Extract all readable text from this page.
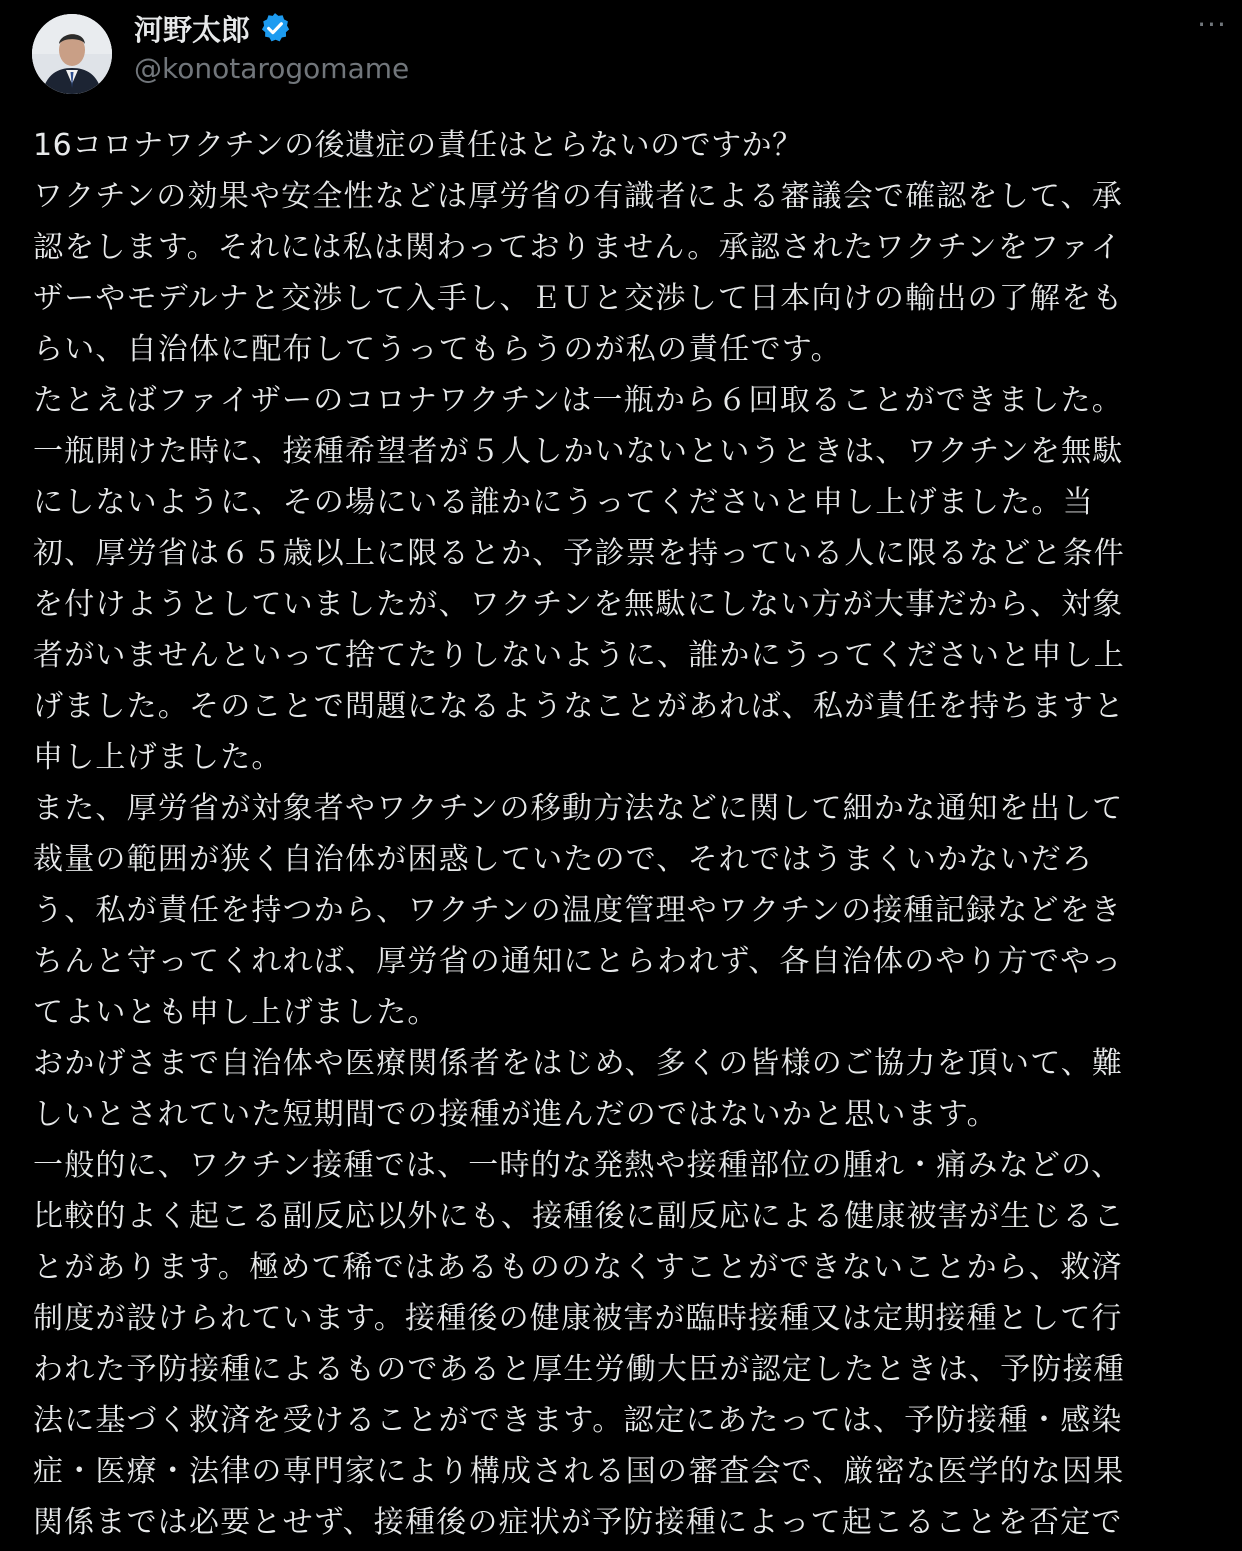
河野太郎
@konotarogomame
···
16コロナワクチンの後遺症の責任はとらないのですか？
ワクチンの効果や安全性などは厚労省の有識者による審議会で確認をして、承
認をします。それには私は関わっておりません。承認されたワクチンをファイ
ザーやモデルナと交渉して入手し、ＥＵと交渉して日本向けの輸出の了解をも
らい、自治体に配布してうってもらうのが私の責任です。
たとえばファイザーのコロナワクチンは一瓶から６回取ることができました。
一瓶開けた時に、接種希望者が５人しかいないというときは、ワクチンを無駄
にしないように、その場にいる誰かにうってくださいと申し上げました。当
初、厚労省は６５歳以上に限るとか、予診票を持っている人に限るなどと条件
を付けようとしていましたが、ワクチンを無駄にしない方が大事だから、対象
者がいませんといって捨てたりしないように、誰かにうってくださいと申し上
げました。そのことで問題になるようなことがあれば、私が責任を持ちますと
申し上げました。
また、厚労省が対象者やワクチンの移動方法などに関して細かな通知を出して
裁量の範囲が狭く自治体が困惑していたので、それではうまくいかないだろ
う、私が責任を持つから、ワクチンの温度管理やワクチンの接種記録などをき
ちんと守ってくれれば、厚労省の通知にとらわれず、各自治体のやり方でやっ
てよいとも申し上げました。
おかげさまで自治体や医療関係者をはじめ、多くの皆様のご協力を頂いて、難
しいとされていた短期間での接種が進んだのではないかと思います。
一般的に、ワクチン接種では、一時的な発熱や接種部位の腫れ・痛みなどの、
比較的よく起こる副反応以外にも、接種後に副反応による健康被害が生じるこ
とがあります。極めて稀ではあるもののなくすことができないことから、救済
制度が設けられています。接種後の健康被害が臨時接種又は定期接種として行
われた予防接種によるものであると厚生労働大臣が認定したときは、予防接種
法に基づく救済を受けることができます。認定にあたっては、予防接種・感染
症・医療・法律の専門家により構成される国の審査会で、厳密な医学的な因果
関係までは必要とせず、接種後の症状が予防接種によって起こることを否定で
